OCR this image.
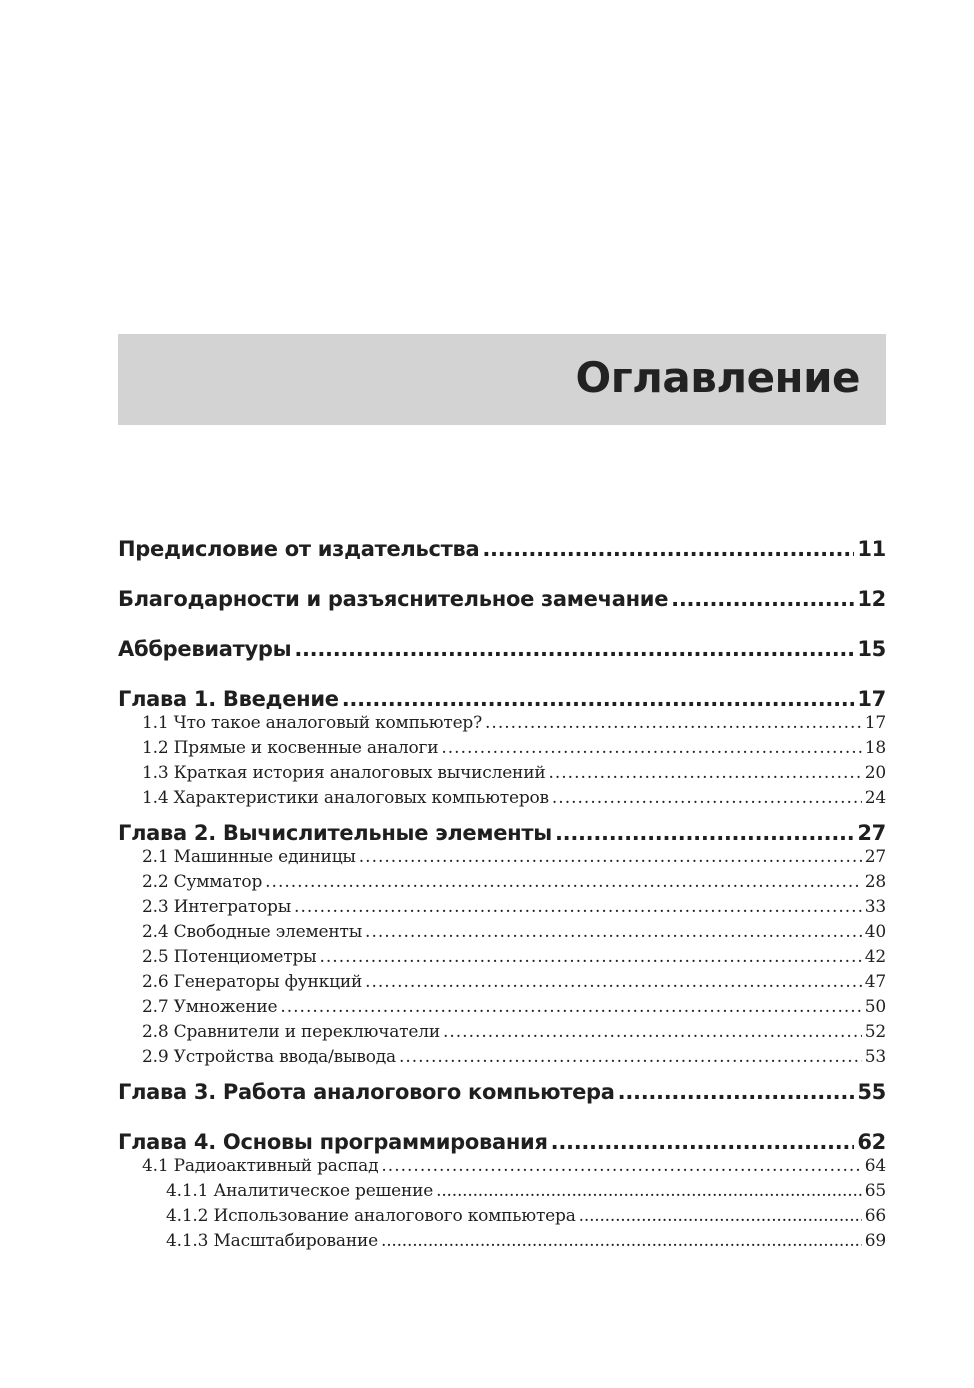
Оглавление
Предисловие от издательства .....	11
Благодарности и разъяснительное замечание .....	12
Аббревиатуры .....	15
Глава 1. Введение .....	17
1.1 Что такое аналоговый компьютер? .....	17
1.2 Прямые и косвенные аналоги .....	18
1.3 Краткая история аналоговых вычислений .....	20
1.4 Характеристики аналоговых компьютеров .....	24
Глава 2. Вычислительные элементы .....	27
2.1 Машинные единицы .....	27
2.2 Сумматор .....	28
2.3 Интеграторы .....	33
2.4 Свободные элементы .....	40
2.5 Потенциометры .....	42
2.6 Генераторы функций .....	47
2.7 Умножение .....	50
2.8 Сравнители и переключатели .....	52
2.9 Устройства ввода/вывода .....	53
Глава 3. Работа аналогового компьютера .....	55
Глава 4. Основы программирования .....	62
4.1 Радиоактивный распад .....	64
4.1.1 Аналитическое решение .....	65
4.1.2 Использование аналогового компьютера .....	66
4.1.3 Масштабирование .....	69
